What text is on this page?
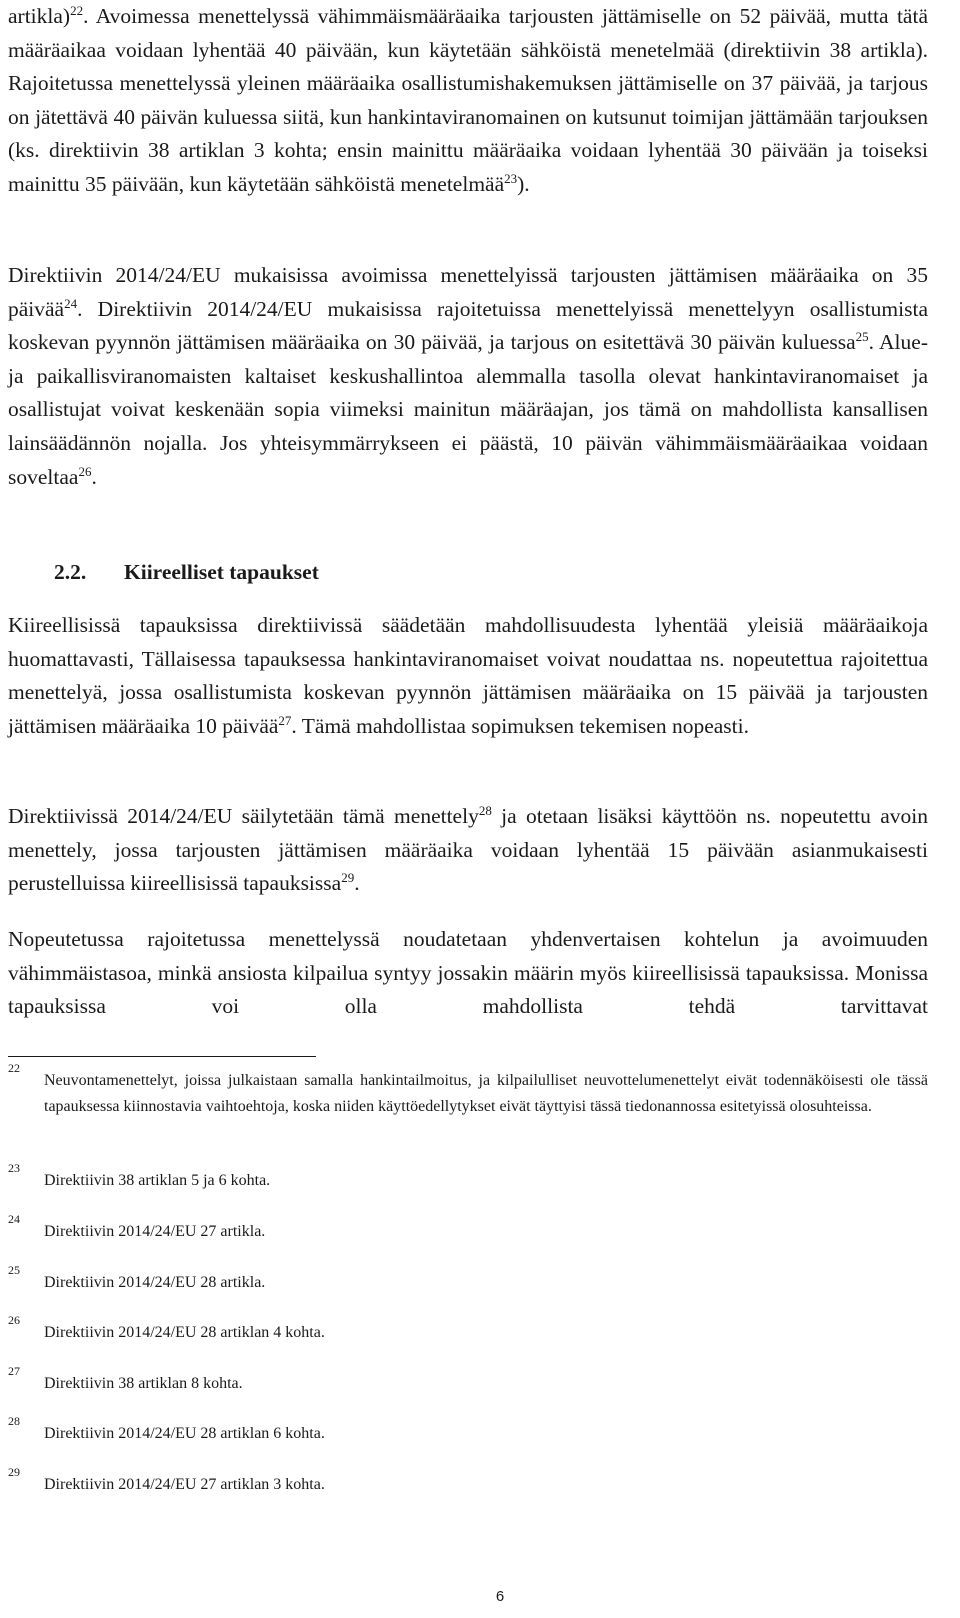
artikla)$^{22}$. Avoimessa menettelyssä vähimmäismääräaika tarjousten jättämiselle on 52 päivää, mutta tätä määräaikaa voidaan lyhentää 40 päivään, kun käytetään sähköistä menetelmää (direktiivin 38 artikla). Rajoitetussa menettelyssä yleinen määräaika osallistumishakemuksen jättämiselle on 37 päivää, ja tarjous on jätettävä 40 päivän kuluessa siitä, kun hankintaviranomainen on kutsunut toimijan jättämään tarjouksen (ks. direktiivin 38 artiklan 3 kohta; ensin mainittu määräaika voidaan lyhentää 30 päivään ja toiseksi mainittu 35 päivään, kun käytetään sähköistä menetelmää$^{23}$).

Direktiivin 2014/24/EU mukaisissa avoimissa menettelyissä tarjousten jättämisen määräaika on 35 päivää$^{24}$. Direktiivin 2014/24/EU mukaisissa rajoitetuissa menettelyissä menettelyyn osallistumista koskevan pyynnön jättämisen määräaika on 30 päivää, ja tarjous on esitettävä 30 päivän kuluessa$^{25}$. Alue- ja paikallisviranomaisten kaltaiset keskushallintoa alemmalla tasolla olevat hankintaviranomaiset ja osallistujat voivat keskenään sopia viimeksi mainitun määräajan, jos tämä on mahdollista kansallisen lainsäädännön nojalla. Jos yhteisymmärrykseen ei päästä, 10 päivän vähimmäismääräaikaa voidaan soveltaa$^{26}$.

2.2. Kiireelliset tapaukset

Kiireellisissä tapauksissa direktiivissä säädetään mahdollisuudesta lyhentää yleisiä määräaikoja huomattavasti, Tällaisessa tapauksessa hankintaviranomaiset voivat noudattaa ns. nopeutettua rajoitettua menettelyä, jossa osallistumista koskevan pyynnön jättämisen määräaika on 15 päivää ja tarjousten jättämisen määräaika 10 päivää$^{27}$. Tämä mahdollistaa sopimuksen tekemisen nopeasti.

Direktiivissä 2014/24/EU säilytetään tämä menettely$^{28}$ ja otetaan lisäksi käyttöön ns. nopeutettu avoin menettely, jossa tarjousten jättämisen määräaika voidaan lyhentää 15 päivään asianmukaisesti perustelluissa kiireellisissä tapauksissa$^{29}$.

Nopeutetussa rajoitetussa menettelyssä noudatetaan yhdenvertaisen kohtelun ja avoimuuden vähimmäistasoa, minkä ansiosta kilpailua syntyy jossakin määrin myös kiireellisissä tapauksissa. Monissa tapauksissa voi olla mahdollista tehdä tarvittavat

22
Neuvontamenettelyt, joissa julkaistaan samalla hankintailmoitus, ja kilpailulliset neuvottelumenettelyt eivät todennäköisesti ole tässä tapauksessa kiinnostavia vaihtoehtoja, koska niiden käyttöedellytykset eivät täyttyisi tässä tiedonannossa esitetyissä olosuhteissa.
23
Direktiivin 38 artiklan 5 ja 6 kohta.
24
Direktiivin 2014/24/EU 27 artikla.
25
Direktiivin 2014/24/EU 28 artikla.
26
Direktiivin 2014/24/EU 28 artiklan 4 kohta.
27
Direktiivin 38 artiklan 8 kohta.
28
Direktiivin 2014/24/EU 28 artiklan 6 kohta.
29
Direktiivin 2014/24/EU 27 artiklan 3 kohta.
6
